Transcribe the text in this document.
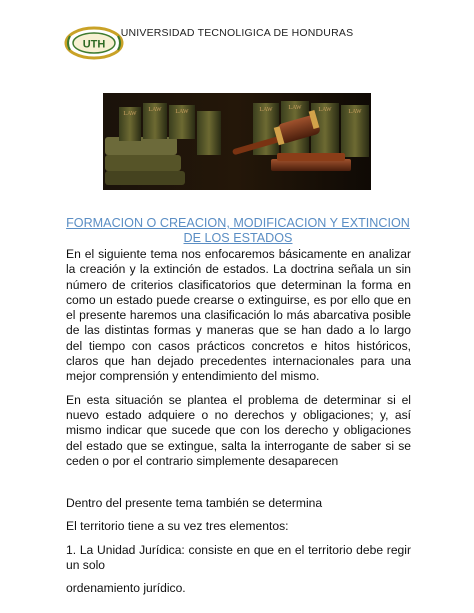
UNIVERSIDAD TECNOLIGICA DE HONDURAS
UTH
LAW
LAW LAW	LAW	LAW	LAW	LAW
FORMACION O CREACION, MODIFICACION Y EXTINCION DE LOS ESTADOS

En el siguiente tema nos enfocaremos básicamente en analizar la creación y la extinción de estados. La doctrina señala un sin número de criterios clasificatorios que determinan la forma en como un estado puede crearse o extinguirse, es por ello que en el presente haremos una clasificación lo más abarcativa posible de las distintas formas y maneras que se han dado a lo largo del tiempo con casos prácticos concretos e hitos históricos, claros que han dejado precedentes internacionales para una mejor comprensión y entendimiento del mismo.

En esta situación se plantea el problema de determinar si el nuevo estado adquiere o no derechos y obligaciones; y, así mismo indicar que sucede que con los derecho y obligaciones del estado que se extingue, salta la interrogante de saber si se ceden o por el contrario simplemente desaparecen

Dentro del presente tema también se determina

El territorio tiene a su vez tres elementos:

1. La Unidad Jurídica: consiste en que en el territorio debe regir un solo

ordenamiento jurídico.
